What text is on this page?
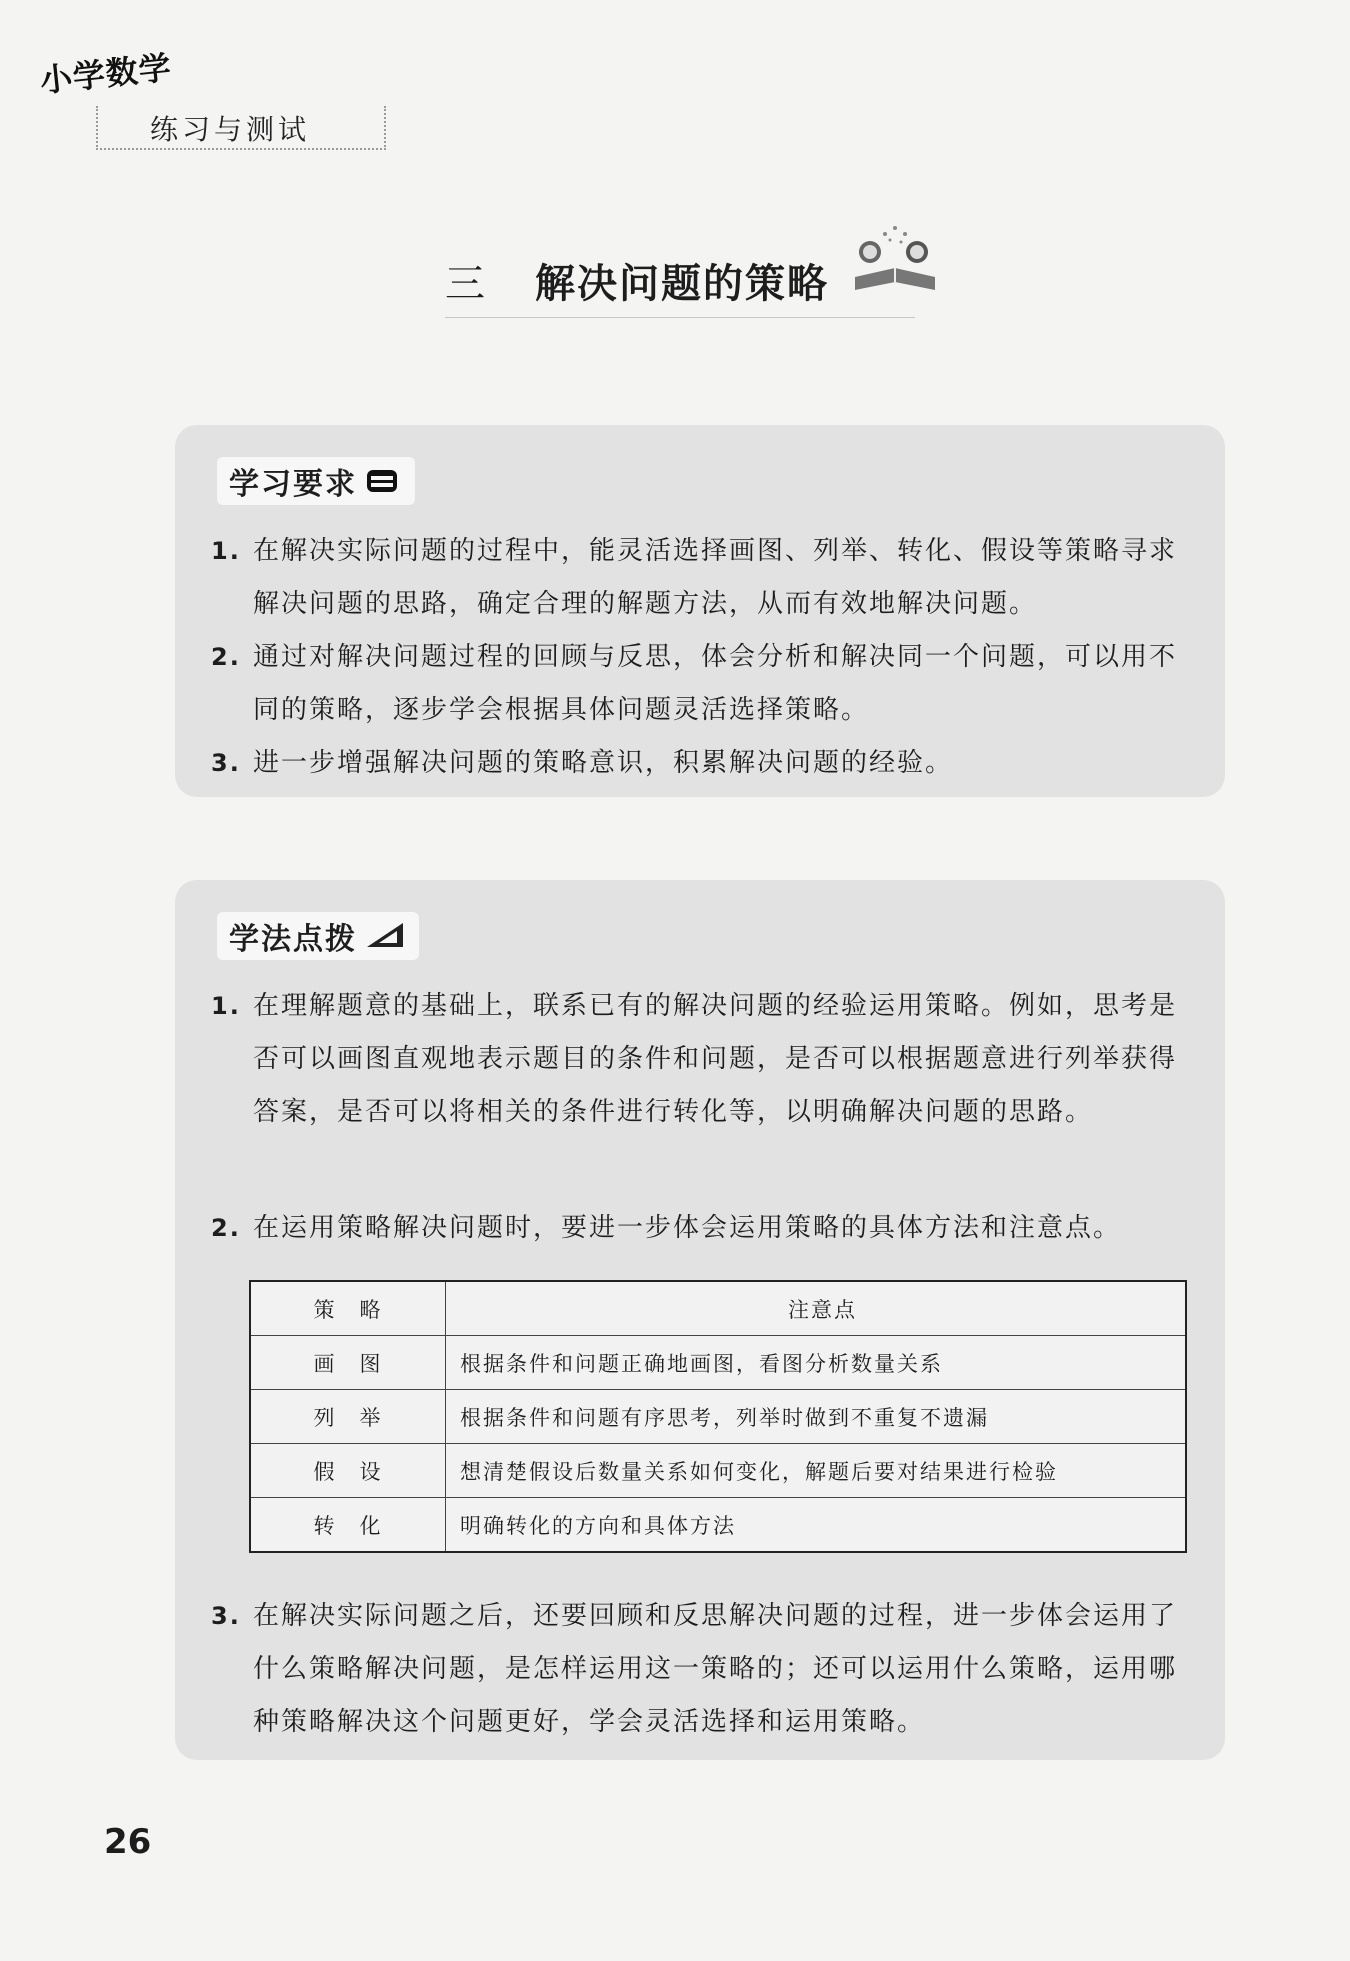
小学数学
练习与测试
三 解决问题的策略
学习要求
1. 在解决实际问题的过程中，能灵活选择画图、列举、转化、假设等策略寻求解决问题的思路，确定合理的解题方法，从而有效地解决问题。
2. 通过对解决问题过程的回顾与反思，体会分析和解决同一个问题，可以用不同的策略，逐步学会根据具体问题灵活选择策略。
3. 进一步增强解决问题的策略意识，积累解决问题的经验。
学法点拨
1. 在理解题意的基础上，联系已有的解决问题的经验运用策略。例如，思考是否可以画图直观地表示题目的条件和问题，是否可以根据题意进行列举获得答案，是否可以将相关的条件进行转化等，以明确解决问题的思路。
2. 在运用策略解决问题时，要进一步体会运用策略的具体方法和注意点。
策　略	注意点
画　图	根据条件和问题正确地画图，看图分析数量关系
列　举	根据条件和问题有序思考，列举时做到不重复不遗漏
假　设	想清楚假设后数量关系如何变化，解题后要对结果进行检验
转　化	明确转化的方向和具体方法
3. 在解决实际问题之后，还要回顾和反思解决问题的过程，进一步体会运用了什么策略解决问题，是怎样运用这一策略的；还可以运用什么策略，运用哪种策略解决这个问题更好，学会灵活选择和运用策略。
26
